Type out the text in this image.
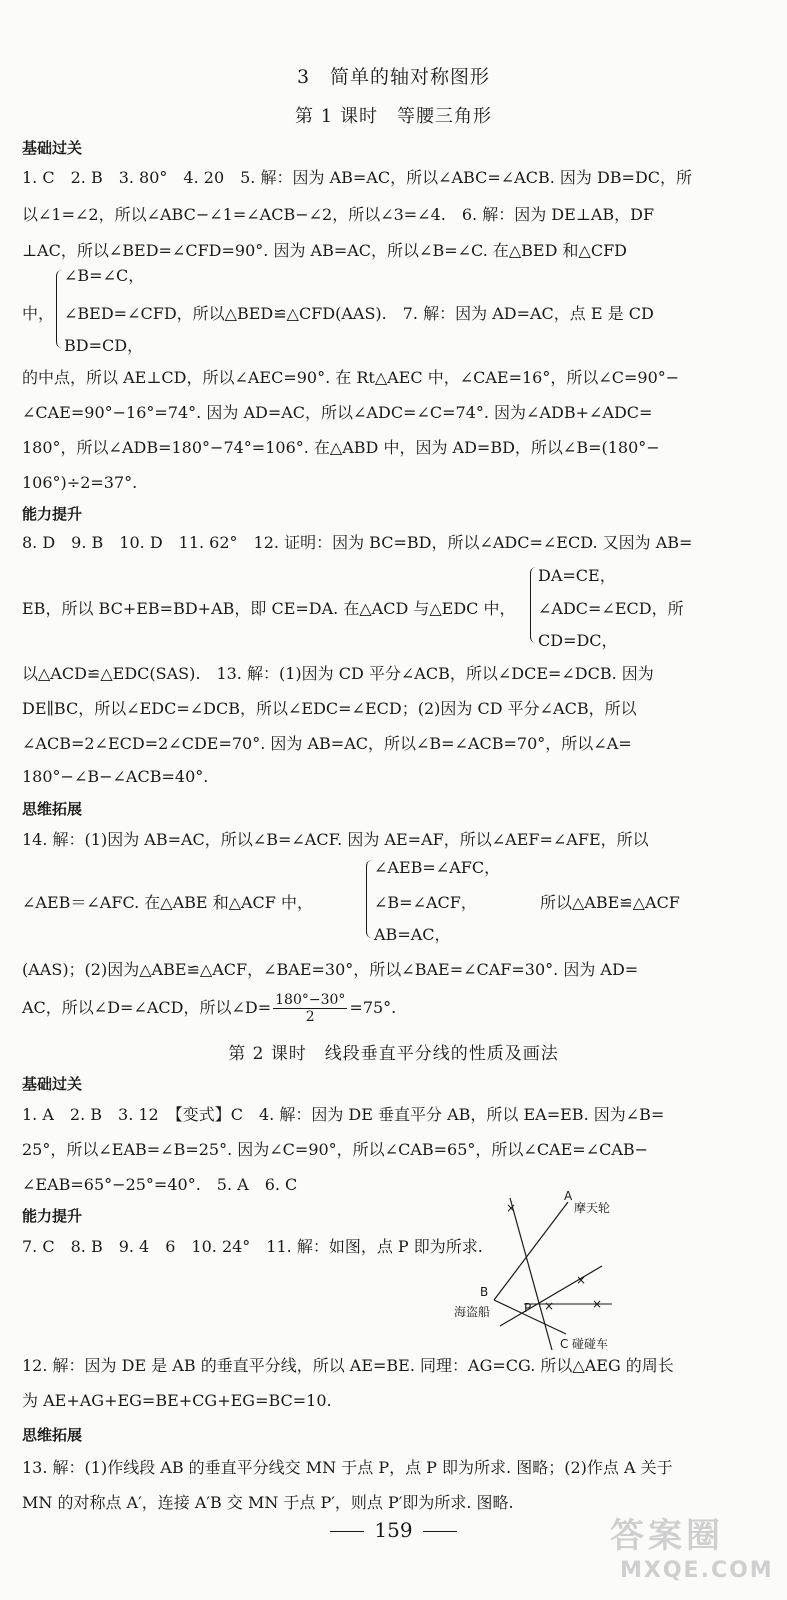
3　简单的轴对称图形
第 1 课时　等腰三角形
基础过关
1. C　2. B　3. 80°　4. 20　5. 解：因为 AB=AC，所以∠ABC=∠ACB. 因为 DB=DC，所
以∠1=∠2，所以∠ABC−∠1=∠ACB−∠2，所以∠3=∠4.　6. 解：因为 DE⊥AB，DF
⊥AC，所以∠BED=∠CFD=90°. 因为 AB=AC，所以∠B=∠C. 在△BED 和△CFD
中，
∠B=∠C，
∠BED=∠CFD，所以△BED≌△CFD(AAS).　7. 解：因为 AD=AC，点 E 是 CD
BD=CD，
的中点，所以 AE⊥CD，所以∠AEC=90°. 在 Rt△AEC 中，∠CAE=16°，所以∠C=90°−
∠CAE=90°−16°=74°. 因为 AD=AC，所以∠ADC=∠C=74°. 因为∠ADB+∠ADC=
180°，所以∠ADB=180°−74°=106°. 在△ABD 中，因为 AD=BD，所以∠B=(180°−
106°)÷2=37°.
能力提升
8. D　9. B　10. D　11. 62°　12. 证明：因为 BC=BD，所以∠ADC=∠ECD. 又因为 AB=
EB，所以 BC+EB=BD+AB，即 CE=DA. 在△ACD 与△EDC 中，
DA=CE，
∠ADC=∠ECD，所
CD=DC，
以△ACD≌△EDC(SAS).　13. 解：(1)因为 CD 平分∠ACB，所以∠DCE=∠DCB. 因为
DE∥BC，所以∠EDC=∠DCB，所以∠EDC=∠ECD；(2)因为 CD 平分∠ACB，所以
∠ACB=2∠ECD=2∠CDE=70°. 因为 AB=AC，所以∠B=∠ACB=70°，所以∠A=
180°−∠B−∠ACB=40°.
思维拓展
14. 解：(1)因为 AB=AC，所以∠B=∠ACF. 因为 AE=AF，所以∠AEF=∠AFE，所以
∠AEB＝∠AFC. 在△ABE 和△ACF 中，
∠AEB=∠AFC，
∠B=∠ACF，
AB=AC，
所以△ABE≌△ACF
(AAS)；(2)因为△ABE≌△ACF，∠BAE=30°，所以∠BAE=∠CAF=30°. 因为 AD=
AC，所以∠D=∠ACD，所以∠D= $\frac{180^\circ-30^\circ}{2} =75^\circ$.
第 2 课时　线段垂直平分线的性质及画法
基础过关
1. A　2. B　3. 12　【变式】C　4. 解：因为 DE 垂直平分 AB，所以 EA=EB. 因为∠B=
25°，所以∠EAB=∠B=25°. 因为∠C=90°，所以∠CAB=65°，所以∠CAE=∠CAB−
∠EAB=65°−25°=40°.　5. A　6. C
能力提升
7. C　8. B　9. 4　6　10. 24°　11. 解：如图，点 P 即为所求.
×
×
×	×
A
摩天轮
B
海盗船	P
C 碰碰车
12. 解：因为 DE 是 AB 的垂直平分线，所以 AE=BE. 同理：AG=CG. 所以△AEG 的周长
为 AE+AG+EG=BE+CG+EG=BC=10.
思维拓展
13. 解：(1)作线段 AB 的垂直平分线交 MN 于点 P，点 P 即为所求. 图略；(2)作点 A 关于
MN 的对称点 A′，连接 A′B 交 MN 于点 P′，则点 P′即为所求. 图略.
159	答案圈
MXQE.COM
